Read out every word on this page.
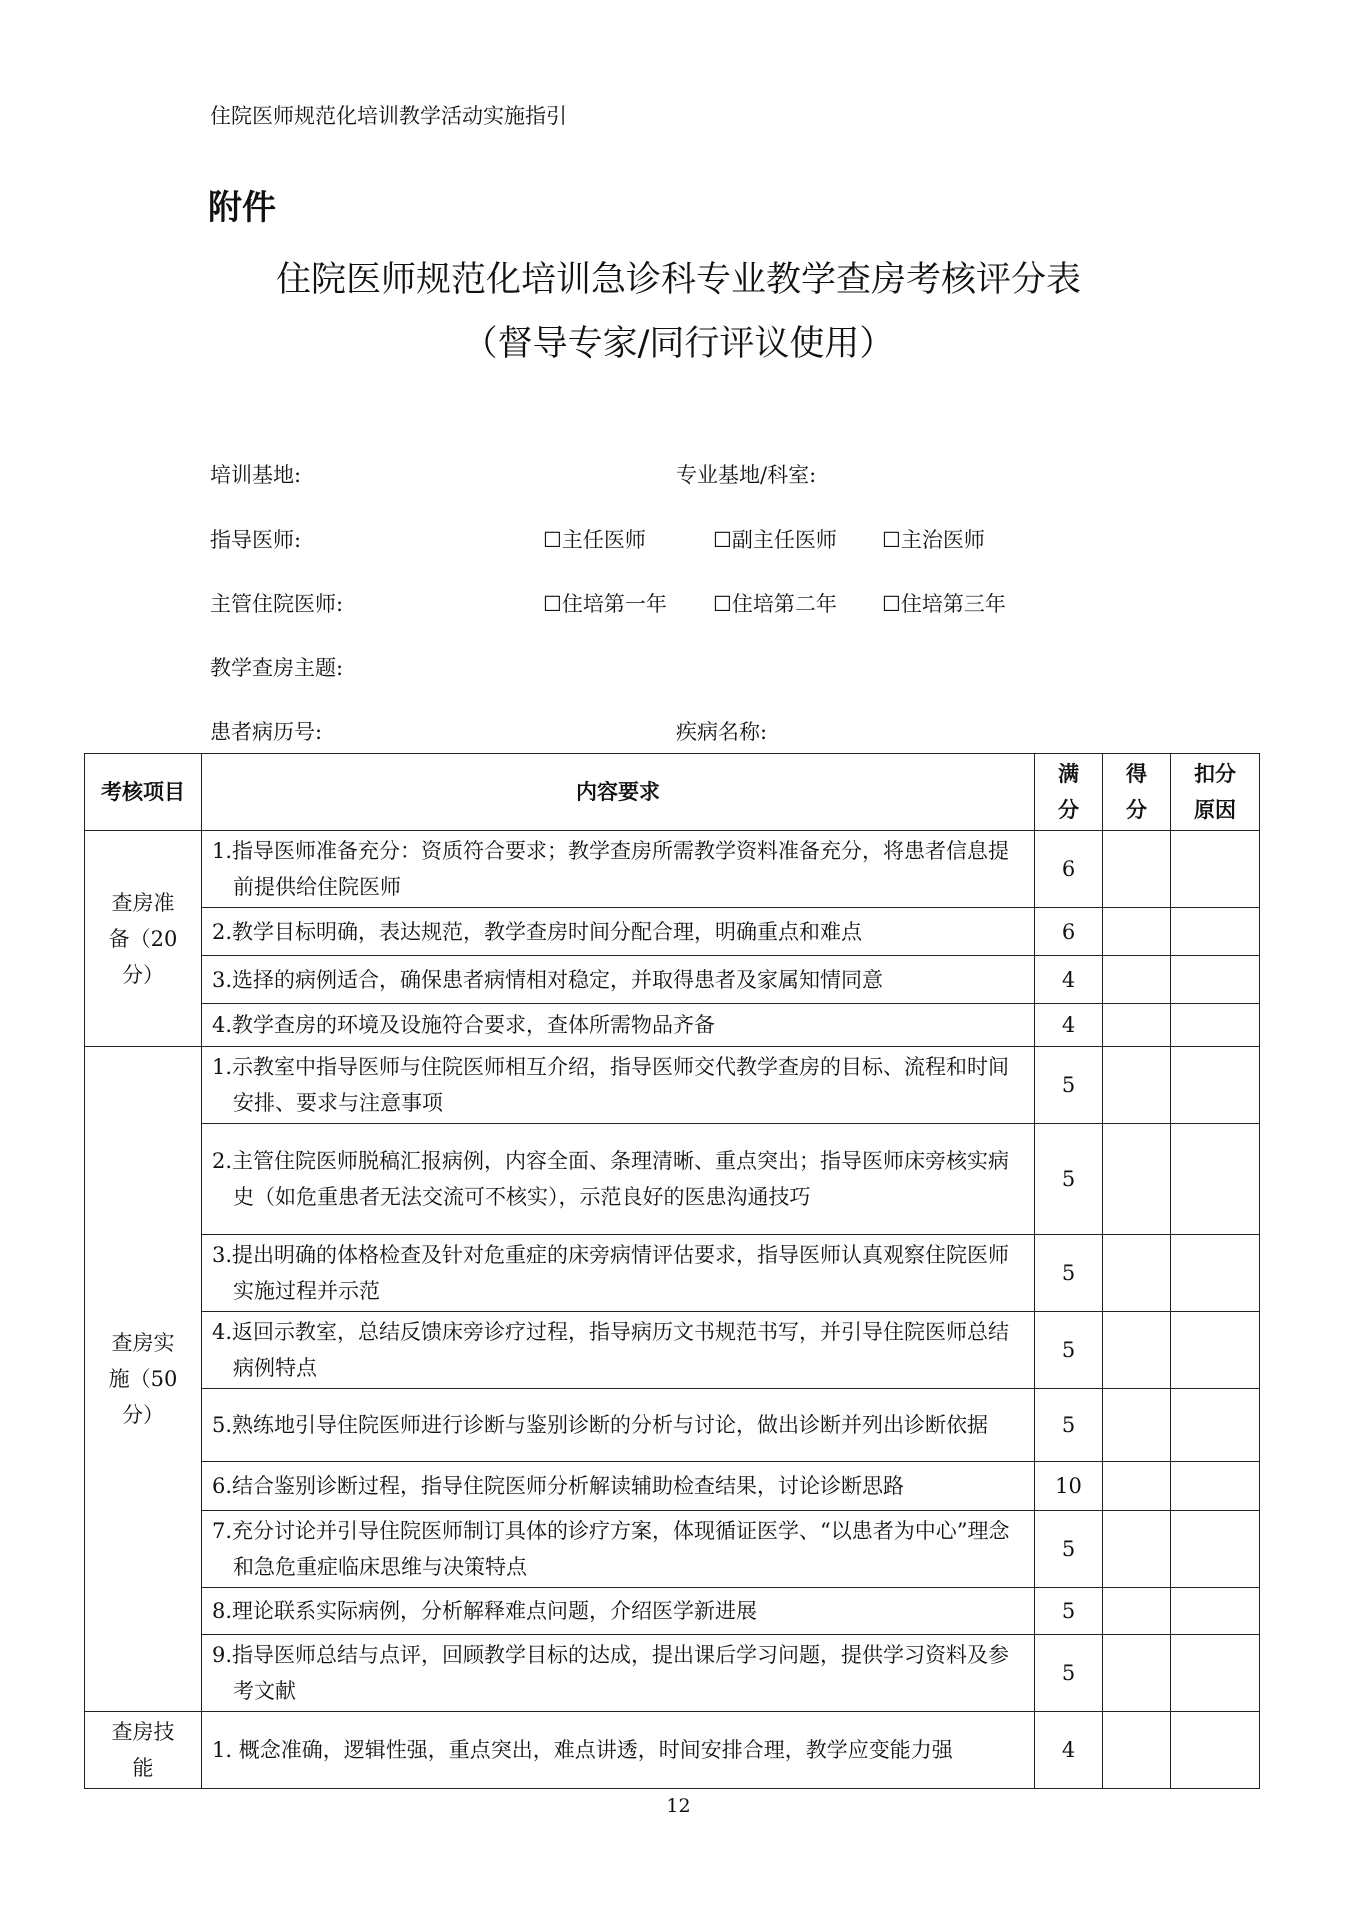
住院医师规范化培训教学活动实施指引
附件
住院医师规范化培训急诊科专业教学查房考核评分表
（督导专家/同行评议使用）
培训基地:	专业基地/科室:
指导医师:	☐主任医师	☐副主任医师 ☐主治医师
主管住院医师:	☐住培第一年 ☐住培第二年 ☐住培第三年
教学查房主题:
患者病历号:	疾病名称:
考核项目	内容要求	满分	得分	扣分原因
查房准备（20分）	1.指导医师准备充分：资质符合要求；教学查房所需教学资料准备充分，将患者信息提前提供给住院医师	6		
	2.教学目标明确，表达规范，教学查房时间分配合理，明确重点和难点	6		
	3.选择的病例适合，确保患者病情相对稳定，并取得患者及家属知情同意	4		
	4.教学查房的环境及设施符合要求，查体所需物品齐备	4		
查房实施（50分）	1.示教室中指导医师与住院医师相互介绍，指导医师交代教学查房的目标、流程和时间安排、要求与注意事项	5		
	2.主管住院医师脱稿汇报病例，内容全面、条理清晰、重点突出；指导医师床旁核实病史（如危重患者无法交流可不核实），示范良好的医患沟通技巧	5		
	3.提出明确的体格检查及针对危重症的床旁病情评估要求，指导医师认真观察住院医师实施过程并示范	5		
	4.返回示教室，总结反馈床旁诊疗过程，指导病历文书规范书写，并引导住院医师总结病例特点	5		
	5.熟练地引导住院医师进行诊断与鉴别诊断的分析与讨论，做出诊断并列出诊断依据	5		
	6.结合鉴别诊断过程，指导住院医师分析解读辅助检查结果，讨论诊断思路	10		
	7.充分讨论并引导住院医师制订具体的诊疗方案，体现循证医学、“以患者为中心”理念和急危重症临床思维与决策特点	5		
	8.理论联系实际病例，分析解释难点问题，介绍医学新进展	5		
	9.指导医师总结与点评，回顾教学目标的达成，提出课后学习问题，提供学习资料及参考文献	5		
查房技能	1. 概念准确，逻辑性强，重点突出，难点讲透，时间安排合理，教学应变能力强	4		
12
